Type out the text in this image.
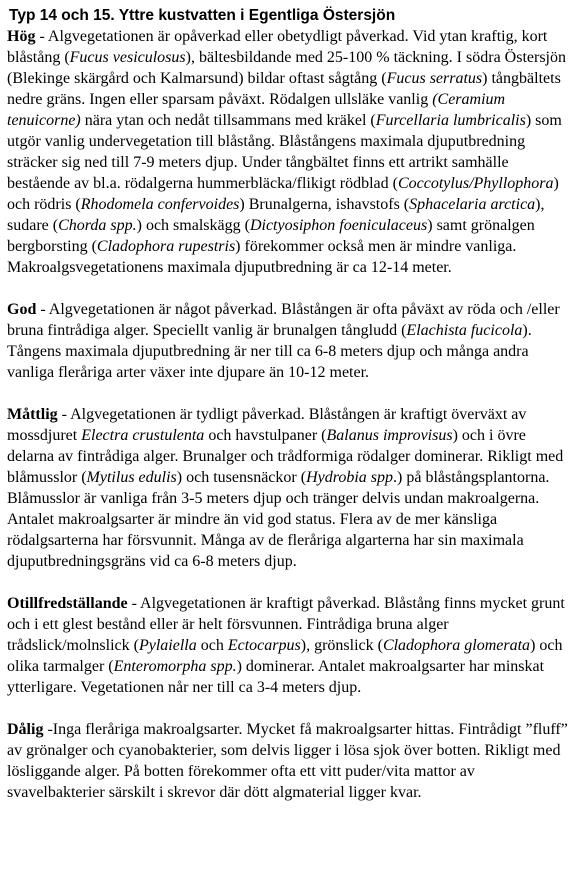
Typ 14 och 15. Yttre kustvatten i Egentliga Östersjön

Hög - Algvegetationen är opåverkad eller obetydligt påverkad. Vid ytan kraftig, kort blåstång (Fucus vesiculosus), bältesbildande med 25-100 % täckning. I södra Östersjön (Blekinge skärgård och Kalmarsund) bildar oftast sågtång (Fucus serratus) tångbältets nedre gräns. Ingen eller sparsam påväxt. Rödalgen ullsläke vanlig (Ceramium tenuicorne) nära ytan och nedåt tillsammans med kräkel (Furcellaria lumbricalis) som utgör vanlig undervegetation till blåstång. Blåstångens maximala djuputbredning sträcker sig ned till 7-9 meters djup. Under tångbältet finns ett artrikt samhälle bestående av bl.a. rödalgerna hummerbläcka/flikigt rödblad (Coccotylus/Phyllophora) och rödris (Rhodomela confervoides) Brunalgerna, ishavstofs (Sphacelaria arctica), sudare (Chorda spp.) och smalskägg (Dictyosiphon foeniculaceus) samt grönalgen bergborsting (Cladophora rupestris) förekommer också men är mindre vanliga. Makroalgsvegetationens maximala djuputbredning är ca 12-14 meter.

God - Algvegetationen är något påverkad. Blåstången är ofta påväxt av röda och /eller bruna fintrådiga alger. Speciellt vanlig är brunalgen tångludd (Elachista fucicola). Tångens maximala djuputbredning är ner till ca 6-8 meters djup och många andra vanliga fleråriga arter växer inte djupare än 10-12 meter.

Måttlig - Algvegetationen är tydligt påverkad. Blåstången är kraftigt överväxt av mossdjuret Electra crustulenta och havstulpaner (Balanus improvisus) och i övre delarna av fintrådiga alger. Brunalger och trådformiga rödalger dominerar. Rikligt med blåmusslor (Mytilus edulis) och tusensnäckor (Hydrobia spp.) på blåstångsplantorna. Blåmusslor är vanliga från 3-5 meters djup och tränger delvis undan makroalgerna. Antalet makroalgsarter är mindre än vid god status. Flera av de mer känsliga rödalgsarterna har försvunnit. Många av de fleråriga algarterna har sin maximala djuputbredningsgräns vid ca 6-8 meters djup.

Otillfredställande - Algvegetationen är kraftigt påverkad. Blåstång finns mycket grunt och i ett glest bestånd eller är helt försvunnen. Fintrådiga bruna alger trådslick/molnslick (Pylaiella och Ectocarpus), grönslick (Cladophora glomerata) och olika tarmalger (Enteromorpha spp.) dominerar. Antalet makroalgsarter har minskat ytterligare. Vegetationen når ner till ca 3-4 meters djup.

Dålig -Inga fleråriga makroalgsarter. Mycket få makroalgsarter hittas. Fintrådigt ”fluff” av grönalger och cyanobakterier, som delvis ligger i lösa sjok över botten. Rikligt med lösliggande alger. På botten förekommer ofta ett vitt puder/vita mattor av svavelbakterier särskilt i skrevor där dött algmaterial ligger kvar.
